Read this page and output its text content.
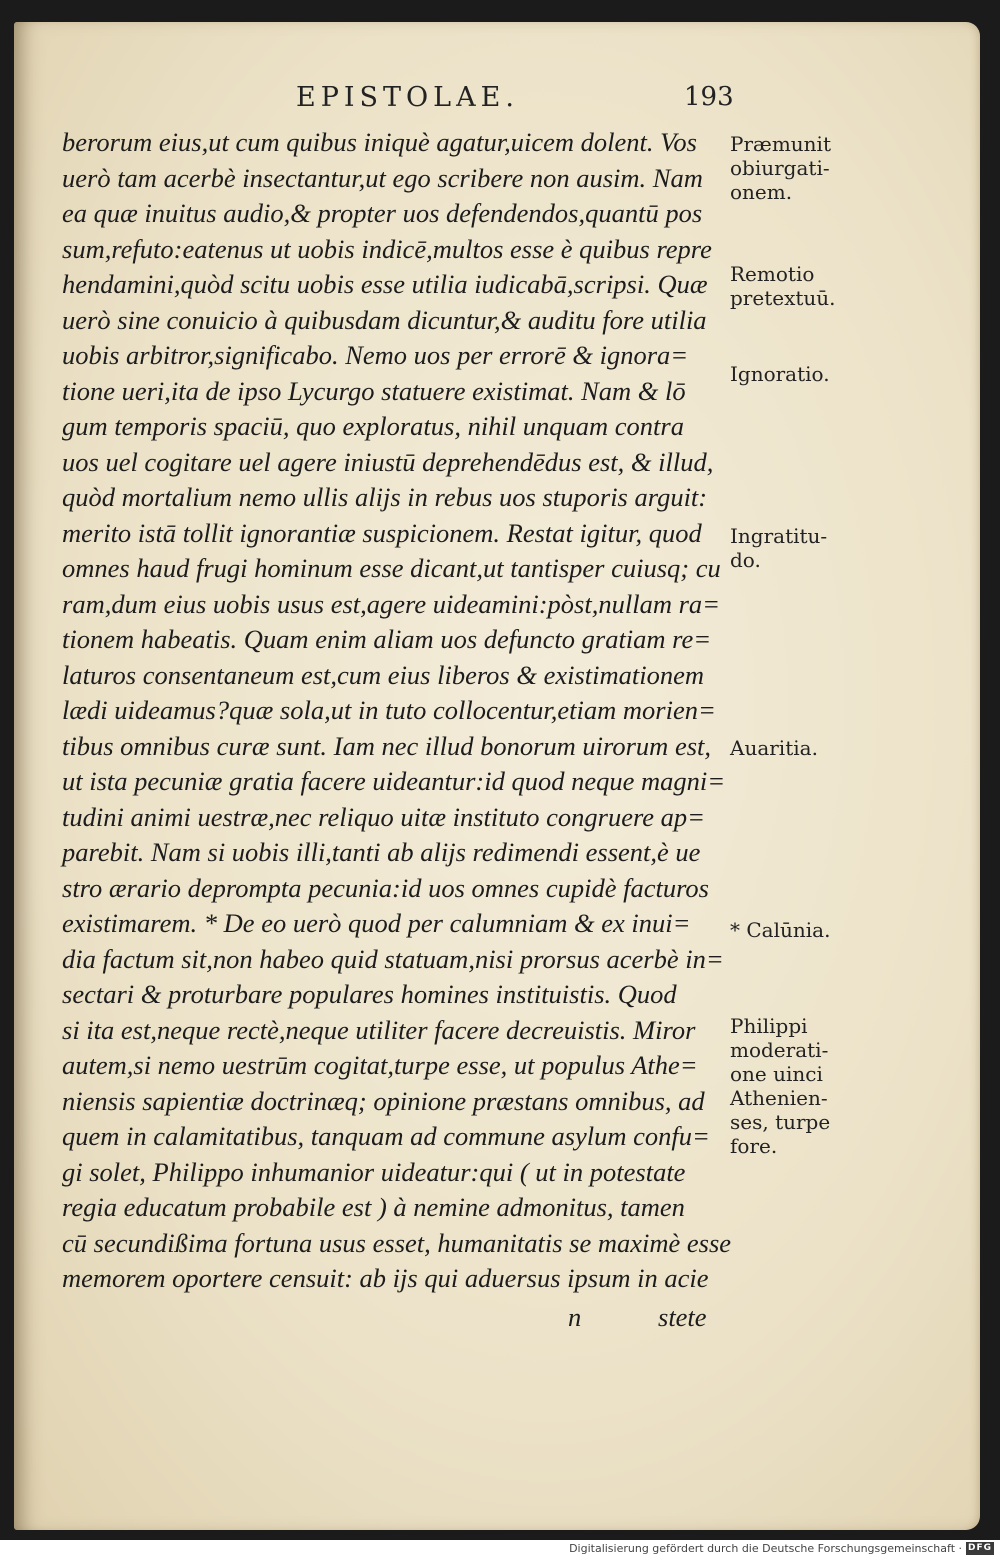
EPISTOLAE.	193
berorum eius,ut cum quibus iniquè agatur,uicem dolent. Vos
uerò tam acerbè insectantur,ut ego scribere non ausim. Nam
ea quæ inuitus audio,& propter uos defendendos,quantū pos
sum,refuto:eatenus ut uobis indicē,multos esse è quibus repre
hendamini,quòd scitu uobis esse utilia iudicabā,scripsi. Quæ
uerò sine conuicio à quibusdam dicuntur,& auditu fore utilia
uobis arbitror,significabo. Nemo uos per errorē & ignora=
tione ueri,ita de ipso Lycurgo statuere existimat. Nam & lō
gum temporis spaciū, quo exploratus, nihil unquam contra
uos uel cogitare uel agere iniustū deprehendēdus est, & illud,
quòd mortalium nemo ullis alijs in rebus uos stuporis arguit:
merito istā tollit ignorantiæ suspicionem. Restat igitur, quod
omnes haud frugi hominum esse dicant,ut tantisper cuiusq; cu
ram,dum eius uobis usus est,agere uideamini:pòst,nullam ra=
tionem habeatis. Quam enim aliam uos defuncto gratiam re=
laturos consentaneum est,cum eius liberos & existimationem
lædi uideamus?quæ sola,ut in tuto collocentur,etiam morien=
tibus omnibus curæ sunt. Iam nec illud bonorum uirorum est,
ut ista pecuniæ gratia facere uideantur:id quod neque magni=
tudini animi uestræ,nec reliquo uitæ instituto congruere ap=
parebit. Nam si uobis illi,tanti ab alijs redimendi essent,è ue
stro ærario deprompta pecunia:id uos omnes cupidè facturos
existimarem. * De eo uerò quod per calumniam & ex inui=
dia factum sit,non habeo quid statuam,nisi prorsus acerbè in=
sectari & proturbare populares homines instituistis. Quod
si ita est,neque rectè,neque utiliter facere decreuistis. Miror
autem,si nemo uestrūm cogitat,turpe esse, ut populus Athe=
niensis sapientiæ doctrinæq; opinione præstans omnibus, ad
quem in calamitatibus, tanquam ad commune asylum confu=
gi solet, Philippo inhumanior uideatur:qui ( ut in potestate
regia educatum probabile est ) à nemine admonitus, tamen
cū secundißima fortuna usus esset, humanitatis se maximè esse
memorem oportere censuit: ab ijs qui aduersus ipsum in acie
n	stete
Præmunit
obiurgati-
onem.
Remotio
pretextuū.
Ignoratio.
Ingratitu-
do.
Auaritia.
* Calūnia.
Philippi
moderati-
one uinci
Athenien-
ses, turpe
fore.
Digitalisierung gefördert durch die Deutsche Forschungsgemeinschaft · DFG
